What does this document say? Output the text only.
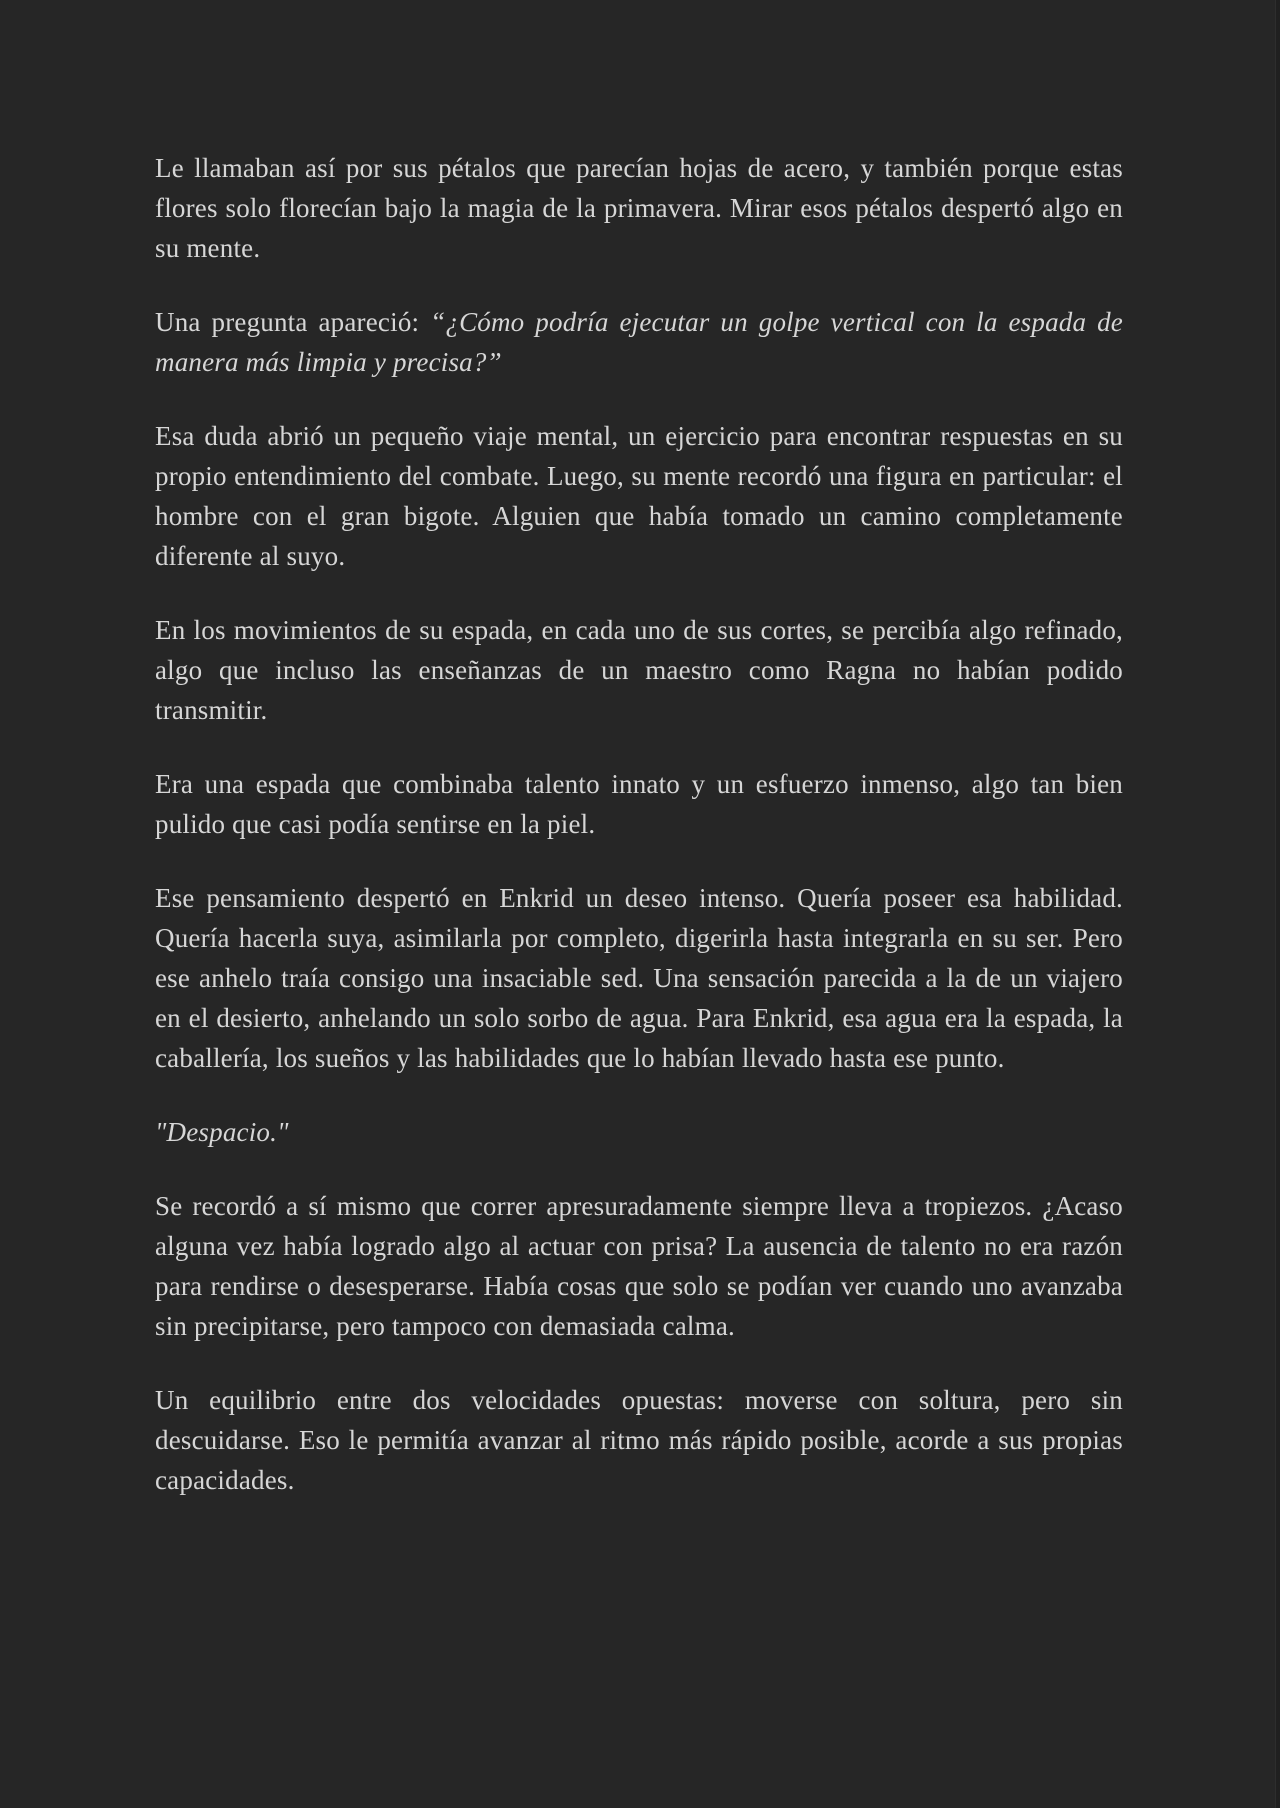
Le llamaban así por sus pétalos que parecían hojas de acero, y también porque estas flores solo florecían bajo la magia de la primavera. Mirar esos pétalos despertó algo en su mente.

Una pregunta apareció: “¿Cómo podría ejecutar un golpe vertical con la espada de manera más limpia y precisa?”

Esa duda abrió un pequeño viaje mental, un ejercicio para encontrar respuestas en su propio entendimiento del combate. Luego, su mente recordó una figura en particular: el hombre con el gran bigote. Alguien que había tomado un camino completamente diferente al suyo.

En los movimientos de su espada, en cada uno de sus cortes, se percibía algo refinado, algo que incluso las enseñanzas de un maestro como Ragna no habían podido transmitir.

Era una espada que combinaba talento innato y un esfuerzo inmenso, algo tan bien pulido que casi podía sentirse en la piel.

Ese pensamiento despertó en Enkrid un deseo intenso. Quería poseer esa habilidad. Quería hacerla suya, asimilarla por completo, digerirla hasta integrarla en su ser. Pero ese anhelo traía consigo una insaciable sed. Una sensación parecida a la de un viajero en el desierto, anhelando un solo sorbo de agua. Para Enkrid, esa agua era la espada, la caballería, los sueños y las habilidades que lo habían llevado hasta ese punto.

"Despacio."

Se recordó a sí mismo que correr apresuradamente siempre lleva a tropiezos. ¿Acaso alguna vez había logrado algo al actuar con prisa? La ausencia de talento no era razón para rendirse o desesperarse. Había cosas que solo se podían ver cuando uno avanzaba sin precipitarse, pero tampoco con demasiada calma.

Un equilibrio entre dos velocidades opuestas: moverse con soltura, pero sin descuidarse. Eso le permitía avanzar al ritmo más rápido posible, acorde a sus propias capacidades.
